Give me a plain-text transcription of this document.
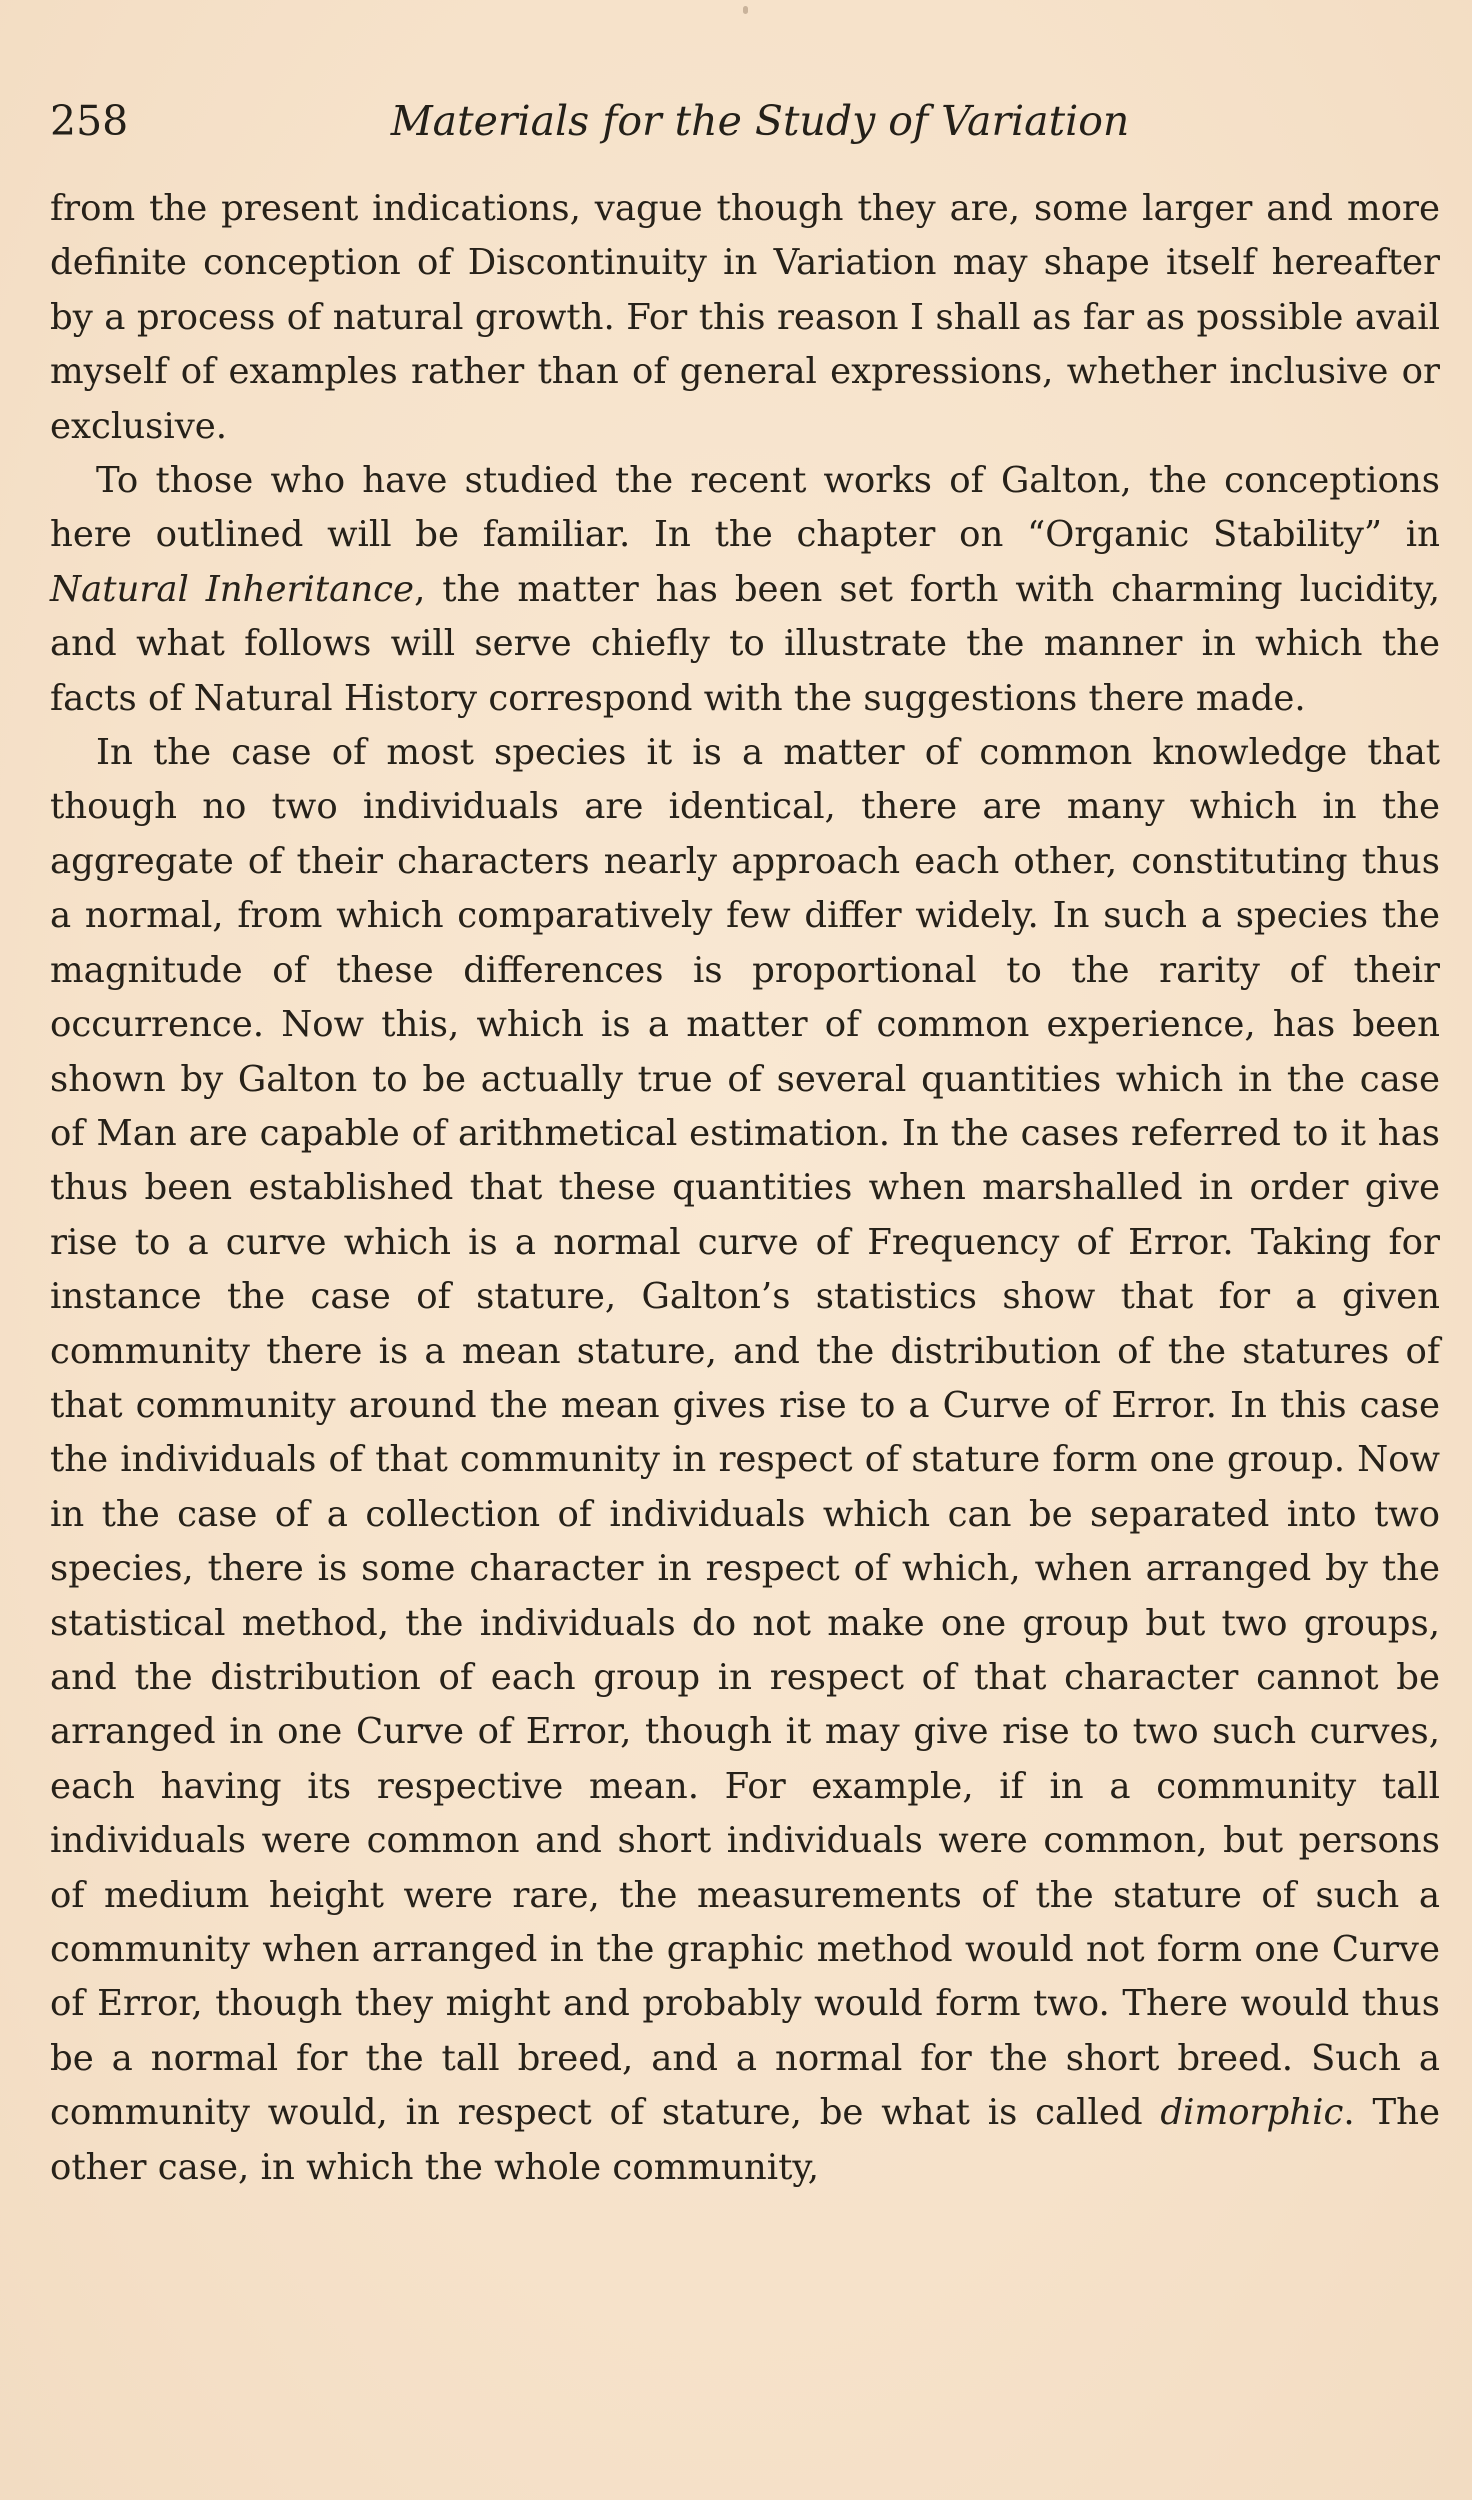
258	Materials for the Study of Variation

from the present indications, vague though they are, some larger and more definite conception of Discontinuity in Variation may shape itself hereafter by a process of natural growth. For this reason I shall as far as possible avail myself of examples rather than of general expressions, whether inclusive or exclusive.

To those who have studied the recent works of Galton, the conceptions here outlined will be familiar. In the chapter on “Organic Stability” in Natural Inheritance, the matter has been set forth with charming lucidity, and what follows will serve chiefly to illustrate the manner in which the facts of Natural History correspond with the suggestions there made.

In the case of most species it is a matter of common knowledge that though no two individuals are identical, there are many which in the aggregate of their characters nearly approach each other, constituting thus a normal, from which comparatively few differ widely. In such a species the magnitude of these differences is proportional to the rarity of their occurrence. Now this, which is a matter of common experience, has been shown by Galton to be actually true of several quantities which in the case of Man are capable of arithmetical estimation. In the cases referred to it has thus been established that these quantities when marshalled in order give rise to a curve which is a normal curve of Frequency of Error. Taking for instance the case of stature, Galton’s statistics show that for a given community there is a mean stature, and the distribution of the statures of that community around the mean gives rise to a Curve of Error. In this case the individuals of that community in respect of stature form one group. Now in the case of a collection of individuals which can be separated into two species, there is some character in respect of which, when arranged by the statistical method, the individuals do not make one group but two groups, and the distribution of each group in respect of that character cannot be arranged in one Curve of Error, though it may give rise to two such curves, each having its respective mean. For example, if in a community tall individuals were common and short individuals were common, but persons of medium height were rare, the measurements of the stature of such a community when arranged in the graphic method would not form one Curve of Error, though they might and probably would form two. There would thus be a normal for the tall breed, and a normal for the short breed. Such a community would, in respect of stature, be what is called dimorphic. The other case, in which the whole community,
